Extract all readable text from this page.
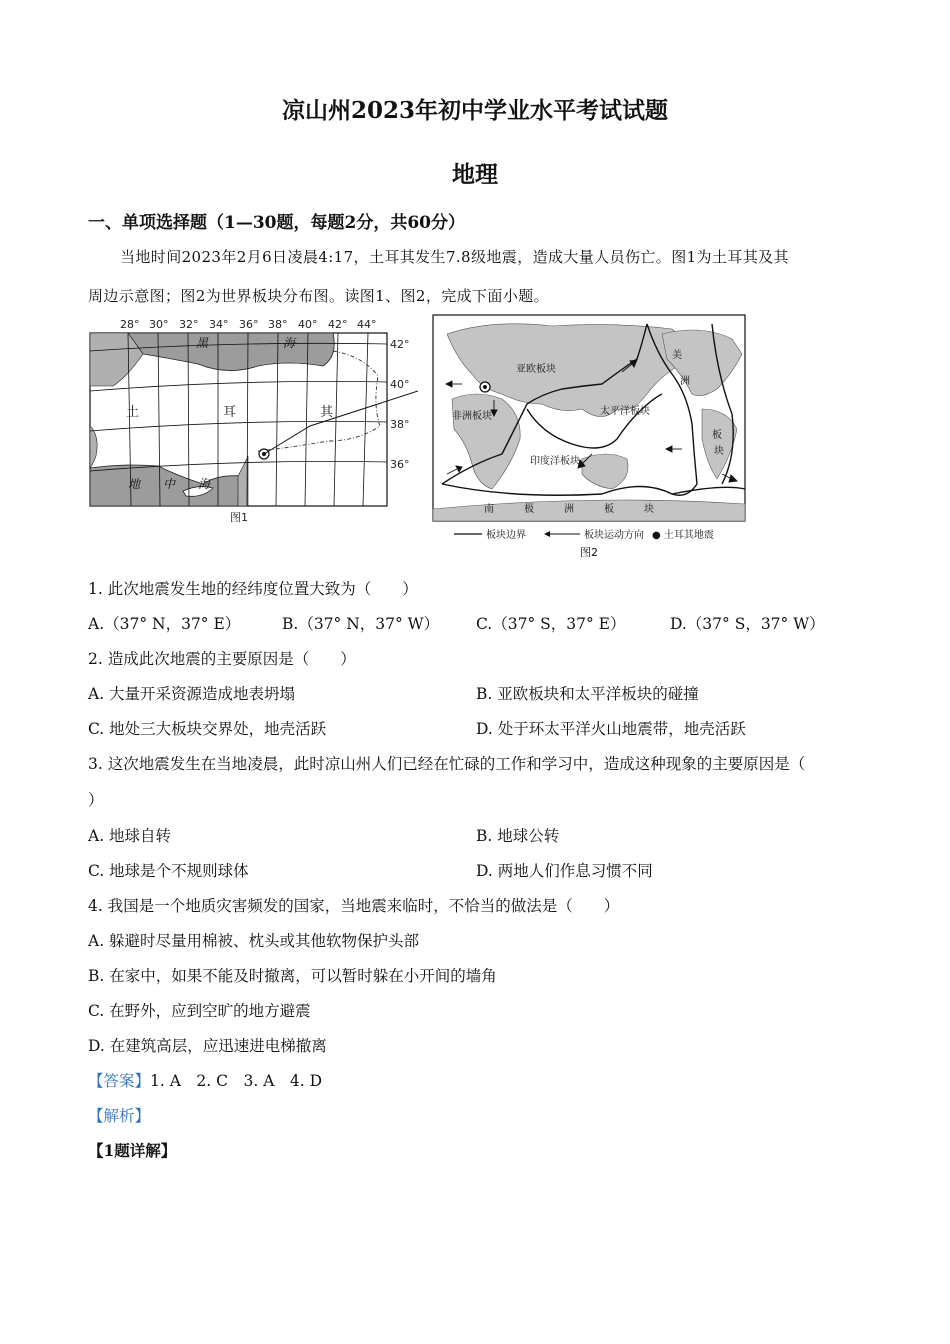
凉山州2023年初中学业水平考试试题
地理
一、单项选择题（1—30题，每题2分，共60分）
当地时间2023年2月6日凌晨4:17，土耳其发生7.8级地震，造成大量人员伤亡。图1为土耳其及其
周边示意图；图2为世界板块分布图。读图1、图2，完成下面小题。
28° 30° 32° 34° 36° 38° 40° 42° 44°
42°
40°
38°
36°
黑	海
土	耳	其
地 中 海
图1
亚欧板块
非洲板块	太平洋板块
印度洋板块
美
洲
板
块
南	极	洲	板	块
板块边界	板块运动方向 ● 土耳其地震
图2
1. 此次地震发生地的经纬度位置大致为（　　）
A.（37° N，37° E）	B.（37° N，37° W） C.（37° S，37° E）	D.（37° S，37° W）
2. 造成此次地震的主要原因是（　　）
A. 大量开采资源造成地表坍塌	B. 亚欧板块和太平洋板块的碰撞
C. 地处三大板块交界处，地壳活跃	D. 处于环太平洋火山地震带，地壳活跃
3. 这次地震发生在当地凌晨，此时凉山州人们已经在忙碌的工作和学习中，造成这种现象的主要原因是（
）
A. 地球自转	B. 地球公转
C. 地球是个不规则球体	D. 两地人们作息习惯不同
4. 我国是一个地质灾害频发的国家，当地震来临时，不恰当的做法是（　　）
A. 躲避时尽量用棉被、枕头或其他软物保护头部
B. 在家中，如果不能及时撤离，可以暂时躲在小开间的墙角
C. 在野外，应到空旷的地方避震
D. 在建筑高层，应迅速进电梯撤离
【答案】1. A　2. C　3. A　4. D
【解析】
【1题详解】
